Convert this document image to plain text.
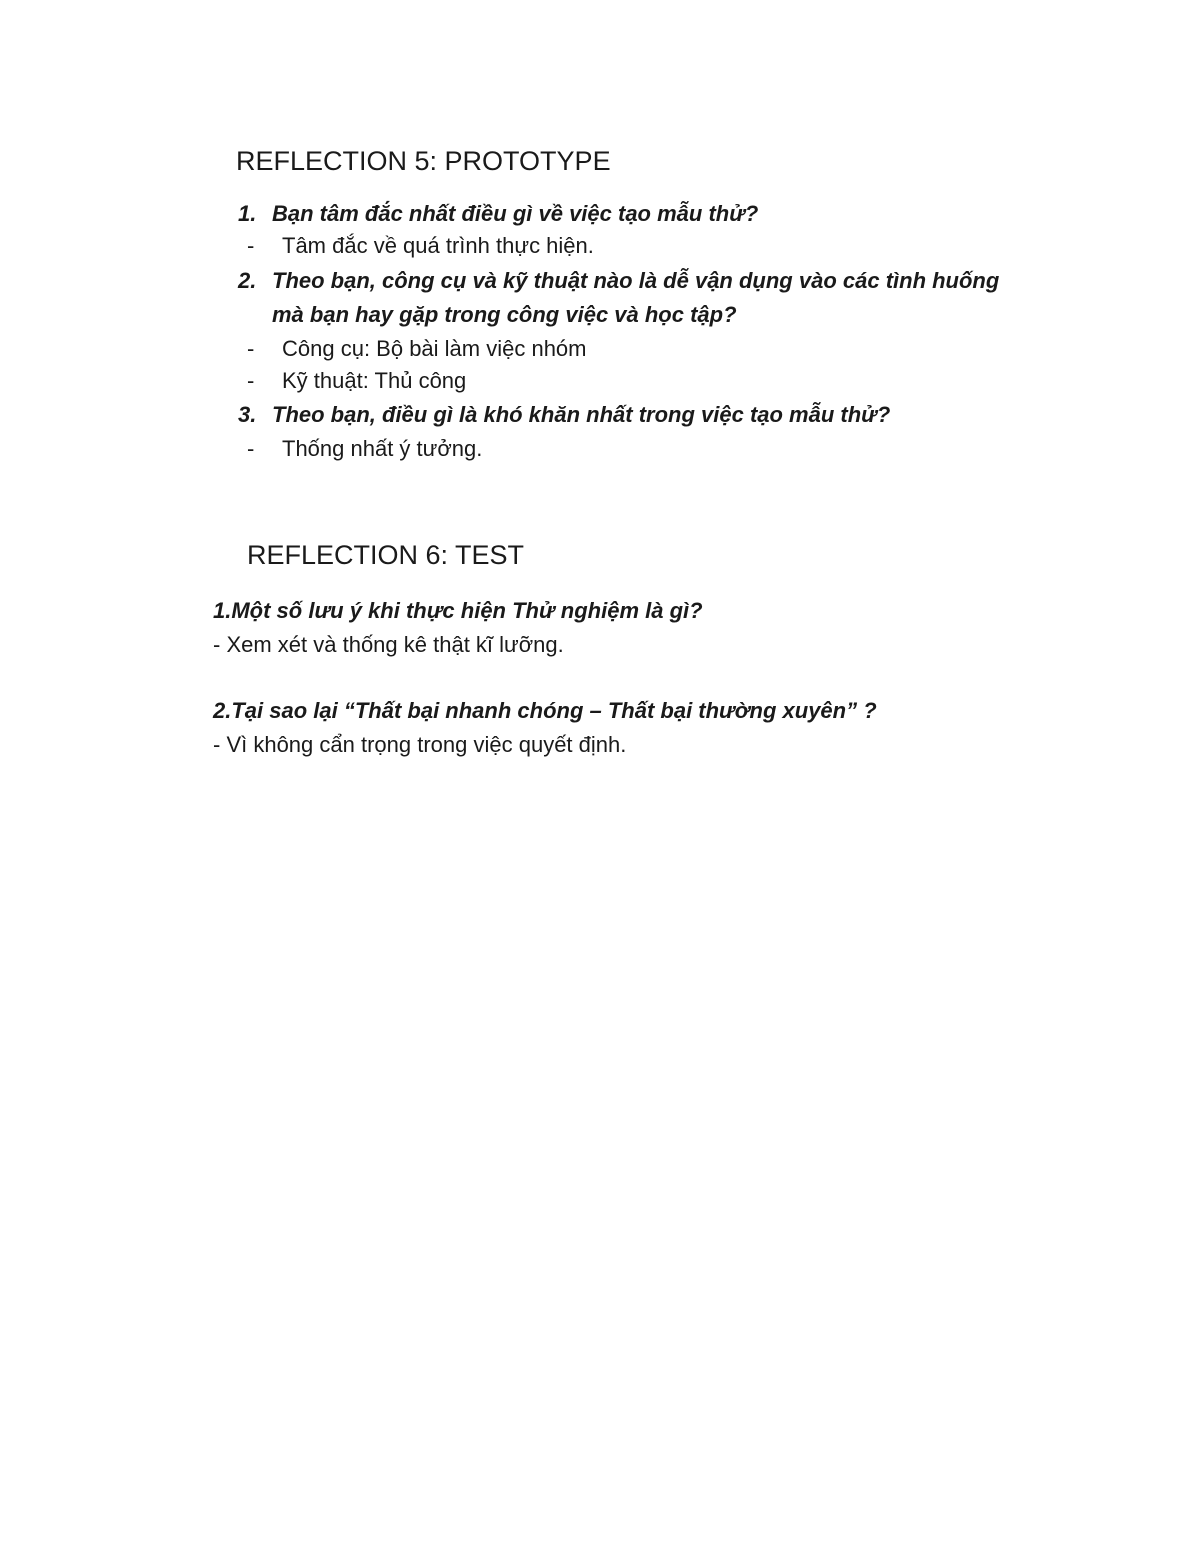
REFLECTION 5: PROTOTYPE
1. Bạn tâm đắc nhất điều gì về việc tạo mẫu thử?
- Tâm đắc về quá trình thực hiện.
2. Theo bạn, công cụ và kỹ thuật nào là dễ vận dụng vào các tình huống
mà bạn hay gặp trong công việc và học tập?
- Công cụ: Bộ bài làm việc nhóm
- Kỹ thuật: Thủ công
3. Theo bạn, điều gì là khó khăn nhất trong việc tạo mẫu thử?
- Thống nhất ý tưởng.
REFLECTION 6: TEST
1.Một số lưu ý khi thực hiện Thử nghiệm là gì?
- Xem xét và thống kê thật kĩ lưỡng.
2.Tại sao lại “Thất bại nhanh chóng – Thất bại thường xuyên” ?
- Vì không cẩn trọng trong việc quyết định.
